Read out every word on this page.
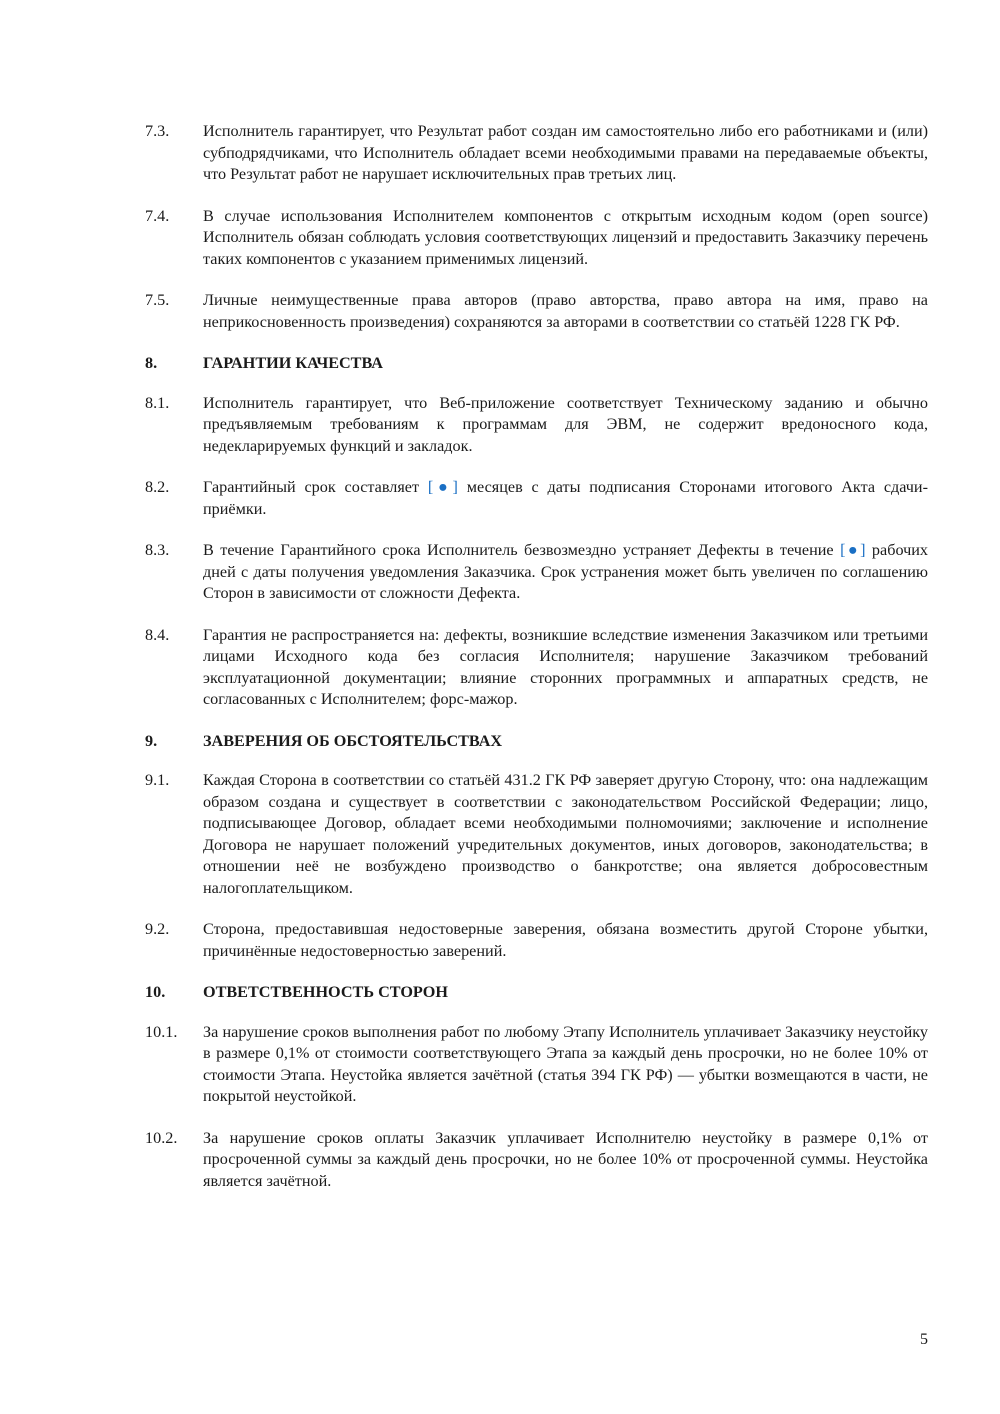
7.3.	Исполнитель гарантирует, что Результат работ создан им самостоятельно либо его работниками и (или) субподрядчиками, что Исполнитель обладает всеми необходимыми правами на передаваемые объекты, что Результат работ не нарушает исключительных прав третьих лиц.
7.4.	В случае использования Исполнителем компонентов с открытым исходным кодом (open source) Исполнитель обязан соблюдать условия соответствующих лицензий и предоставить Заказчику перечень таких компонентов с указанием применимых лицензий.
7.5.	Личные неимущественные права авторов (право авторства, право автора на имя, право на неприкосновенность произведения) сохраняются за авторами в соответствии со статьёй 1228 ГК РФ.
8.	ГАРАНТИИ КАЧЕСТВА
8.1.	Исполнитель гарантирует, что Веб-приложение соответствует Техническому заданию и обычно предъявляемым требованиям к программам для ЭВМ, не содержит вредоносного кода, недекларируемых функций и закладок.
8.2.	Гарантийный срок составляет [●] месяцев с даты подписания Сторонами итогового Акта сдачи-приёмки.
8.3.	В течение Гарантийного срока Исполнитель безвозмездно устраняет Дефекты в течение [●] рабочих дней с даты получения уведомления Заказчика. Срок устранения может быть увеличен по соглашению Сторон в зависимости от сложности Дефекта.
8.4.	Гарантия не распространяется на: дефекты, возникшие вследствие изменения Заказчиком или третьими лицами Исходного кода без согласия Исполнителя; нарушение Заказчиком требований эксплуатационной документации; влияние сторонних программных и аппаратных средств, не согласованных с Исполнителем; форс-мажор.
9.	ЗАВЕРЕНИЯ ОБ ОБСТОЯТЕЛЬСТВАХ
9.1.	Каждая Сторона в соответствии со статьёй 431.2 ГК РФ заверяет другую Сторону, что: она надлежащим образом создана и существует в соответствии с законодательством Российской Федерации; лицо, подписывающее Договор, обладает всеми необходимыми полномочиями; заключение и исполнение Договора не нарушает положений учредительных документов, иных договоров, законодательства; в отношении неё не возбуждено производство о банкротстве; она является добросовестным налогоплательщиком.
9.2.	Сторона, предоставившая недостоверные заверения, обязана возместить другой Стороне убытки, причинённые недостоверностью заверений.
10.	ОТВЕТСТВЕННОСТЬ СТОРОН
10.1.	За нарушение сроков выполнения работ по любому Этапу Исполнитель уплачивает Заказчику неустойку в размере 0,1% от стоимости соответствующего Этапа за каждый день просрочки, но не более 10% от стоимости Этапа. Неустойка является зачётной (статья 394 ГК РФ) — убытки возмещаются в части, не покрытой неустойкой.
10.2.	За нарушение сроков оплаты Заказчик уплачивает Исполнителю неустойку в размере 0,1% от просроченной суммы за каждый день просрочки, но не более 10% от просроченной суммы. Неустойка является зачётной.
5
